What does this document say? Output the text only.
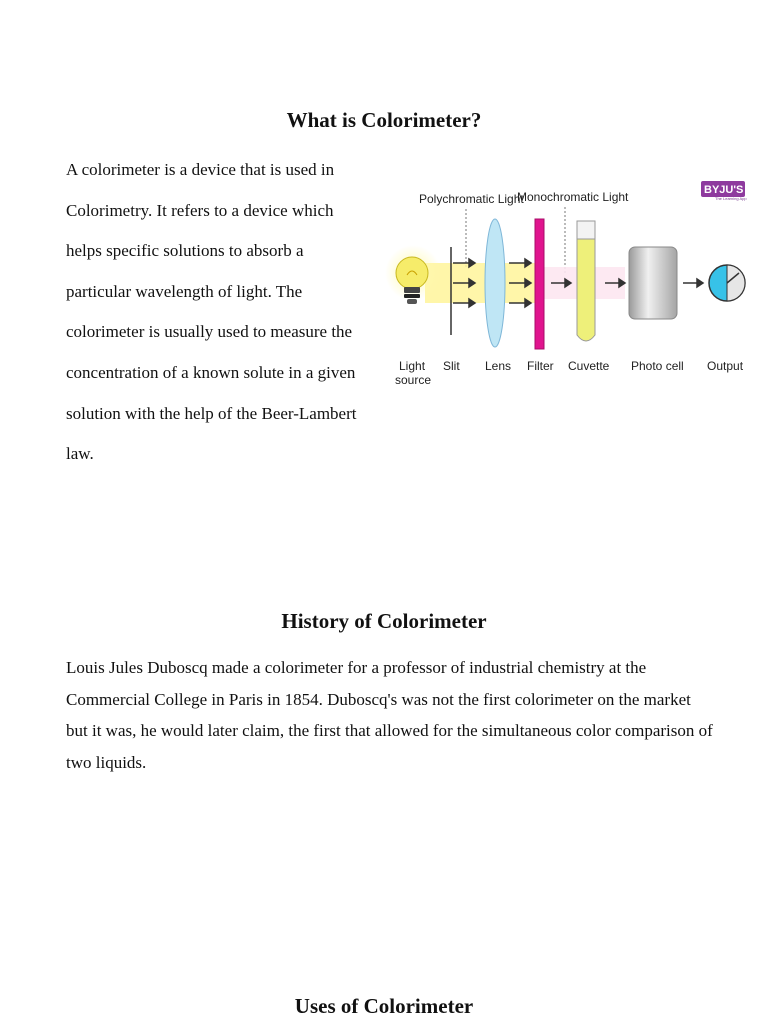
What is Colorimeter?

A colorimeter is a device that is used in Colorimetry. It refers to a device which helps specific solutions to absorb a particular wavelength of light. The colorimeter is usually used to measure the concentration of a known solute in a given solution with the help of the Beer-Lambert law.

BYJU'S
The Learning App
Polychromatic Light
Monochromatic Light
Light
source
Slit Lens Filter Cuvette Photo cell Output
History of Colorimeter

Louis Jules Duboscq made a colorimeter for a professor of industrial chemistry at the Commercial College in Paris in 1854. Duboscq's was not the first colorimeter on the market but it was, he would later claim, the first that allowed for the simultaneous color comparison of two liquids.

Uses of Colorimeter
